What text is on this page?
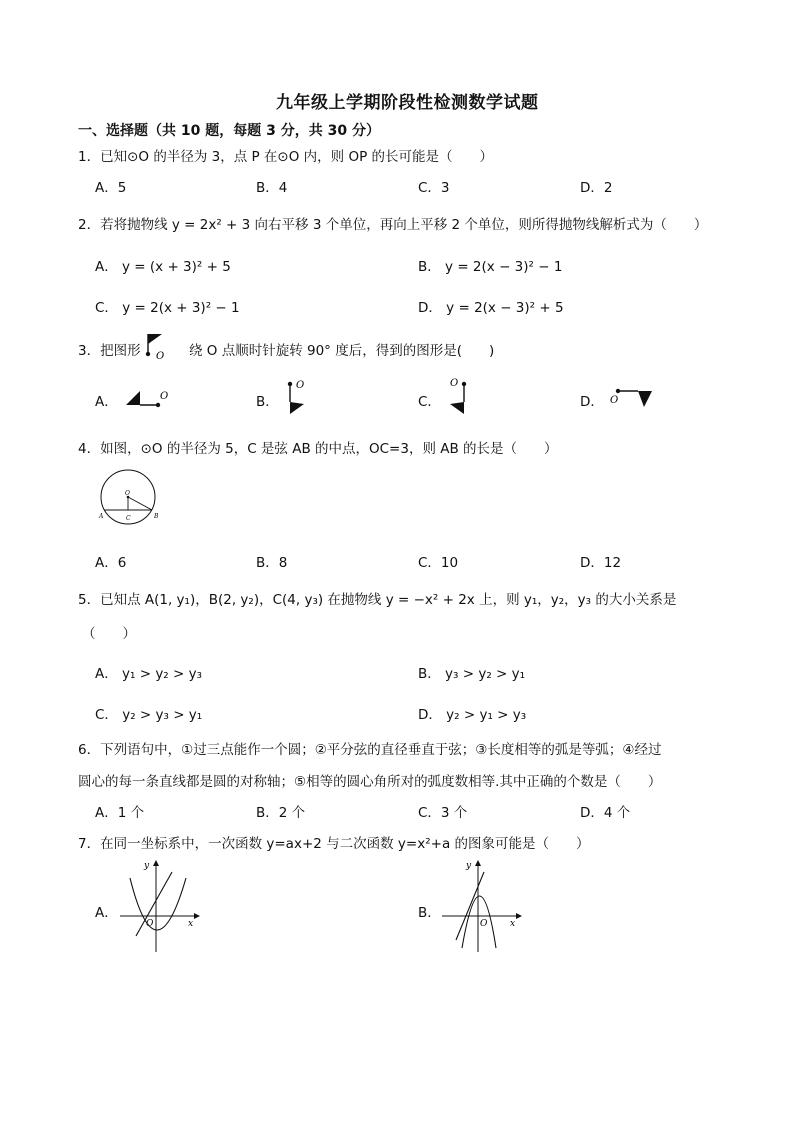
九年级上学期阶段性检测数学试题
一、选择题（共 10 题，每题 3 分，共 30 分）
1．已知⊙O 的半径为 3，点 P 在⊙O 内，则 OP 的长可能是（　　）
A．5	B．4	C．3	D．2
2．若将抛物线 y = 2x² + 3 向右平移 3 个单位，再向上平移 2 个单位，则所得抛物线解析式为（　　）
A． y = (x + 3)² + 5	B． y = 2(x − 3)² − 1
C． y = 2(x + 3)² − 1	D． y = 2(x − 3)² + 5
3．把图形 O 绕 O 点顺时针旋转 90° 度后，得到的图形是(　　)
A．	O	B．
O
C．
O
D． O
4．如图，⊙O 的半径为 5，C 是弦 AB 的中点，OC=3，则 AB 的长是（　　）
O
A	C	B
A．6	B．8	C．10	D．12
5．已知点 A(1, y₁)，B(2, y₂)，C(4, y₃) 在抛物线 y = −x² + 2x 上，则 y₁，y₂，y₃ 的大小关系是
（　　）
A． y₁ > y₂ > y₃	B． y₃ > y₂ > y₁
C． y₂ > y₃ > y₁	D． y₂ > y₁ > y₃
6．下列语句中，①过三点能作一个圆；②平分弦的直径垂直于弦；③长度相等的弧是等弧；④经过
圆心的每一条直线都是圆的对称轴；⑤相等的圆心角所对的弧度数相等.其中正确的个数是（　　）
A．1 个	B．2 个	C．3 个	D．4 个
7．在同一坐标系中，一次函数 y=ax+2 与二次函数 y=x²+a 的图象可能是（　　）
A．
y
x
O
B．
y
x
O
